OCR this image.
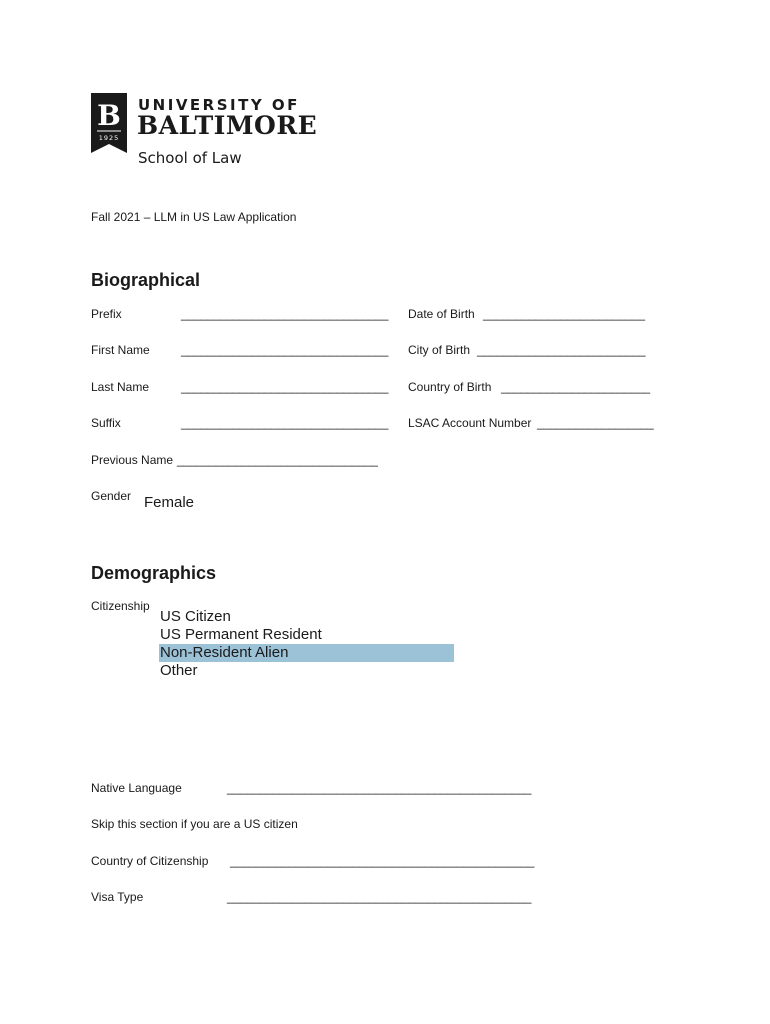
B
1925
UNIVERSITY OF
BALTIMORE
School of Law
Fall 2021 – LLM in US Law Application
Biographical
Prefix	________________________________ Date of Birth _________________________
First Name	________________________________ City of Birth __________________________
Last Name	________________________________ Country of Birth _______________________
Suffix	________________________________ LSAC Account Number __________________
Previous Name _______________________________
Gender Female
Demographics
Citizenship
US Citizen
US Permanent Resident
Non-Resident Alien
Other
Native Language	_______________________________________________
Skip this section if you are a US citizen
Country of Citizenship _______________________________________________
Visa Type	_______________________________________________
